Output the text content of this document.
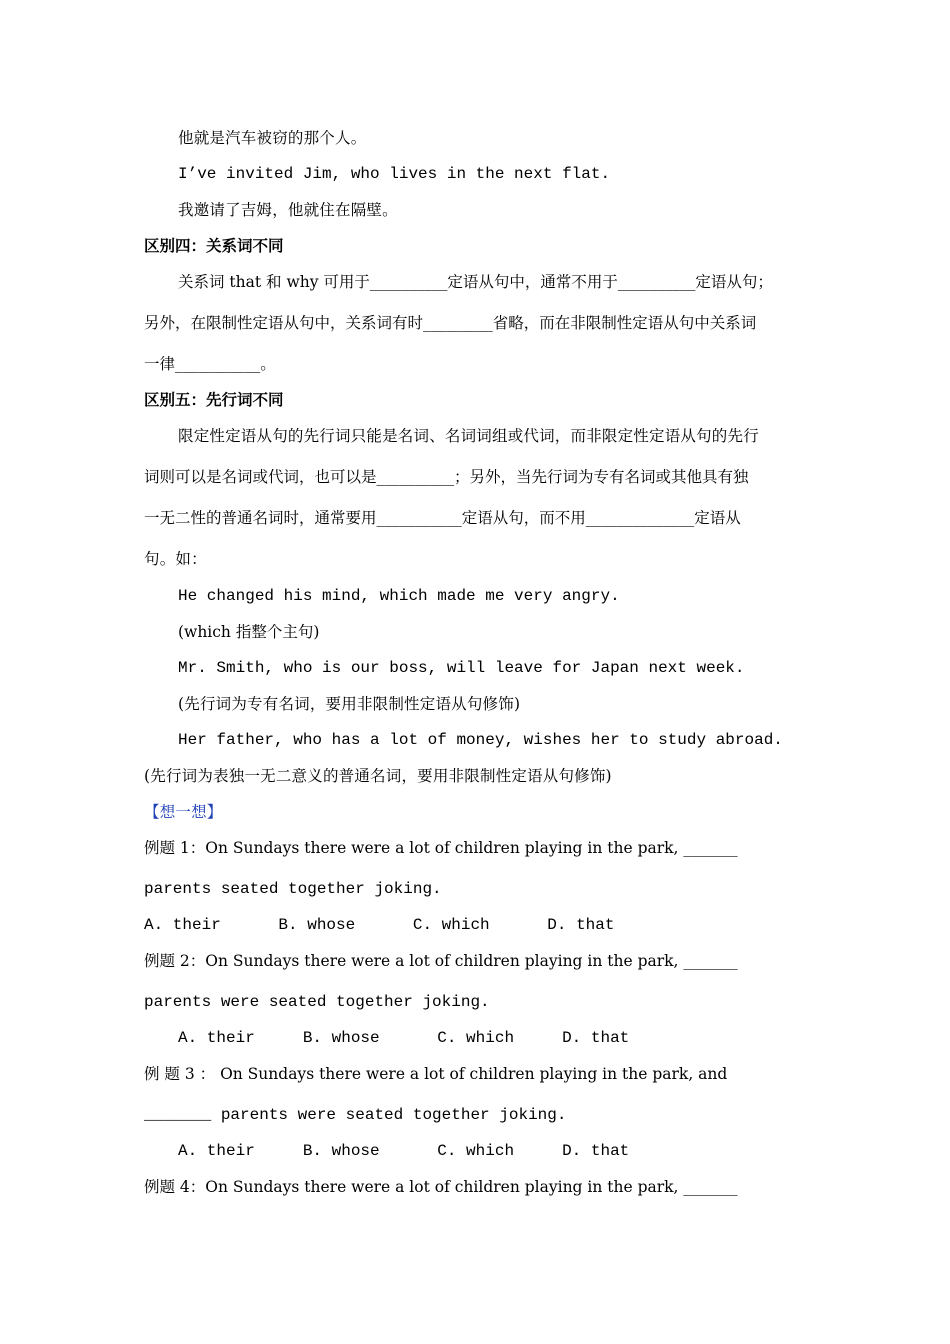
他就是汽车被窃的那个人。
I’ve invited Jim, who lives in the next flat.
我邀请了吉姆，他就住在隔壁。
区别四：关系词不同
关系词 that 和 why 可用于__________定语从句中，通常不用于__________定语从句；
另外，在限制性定语从句中，关系词有时_________省略，而在非限制性定语从句中关系词
一律___________。
区别五：先行词不同
限定性定语从句的先行词只能是名词、名词词组或代词，而非限定性定语从句的先行
词则可以是名词或代词，也可以是__________；另外，当先行词为专有名词或其他具有独
一无二性的普通名词时，通常要用___________定语从句，而不用______________定语从
句。如：
He changed his mind, which made me very angry.
(which 指整个主句)
Mr. Smith, who is our boss, will leave for Japan next week.
(先行词为专有名词，要用非限制性定语从句修饰)
Her father, who has a lot of money, wishes her to study abroad.
(先行词为表独一无二意义的普通名词，要用非限制性定语从句修饰)
【想一想】
例题 1：On Sundays there were a lot of children playing in the park, _______
parents seated together joking.
A. their      B. whose      C. which      D. that
例题 2：On Sundays there were a lot of children playing in the park, _______
parents were seated together joking.
A. their     B. whose      C. which     D. that
例 题 3 ： On Sundays there were a lot of children playing in the park, and
_______ parents were seated together joking.
A. their     B. whose      C. which     D. that
例题 4：On Sundays there were a lot of children playing in the park, _______
